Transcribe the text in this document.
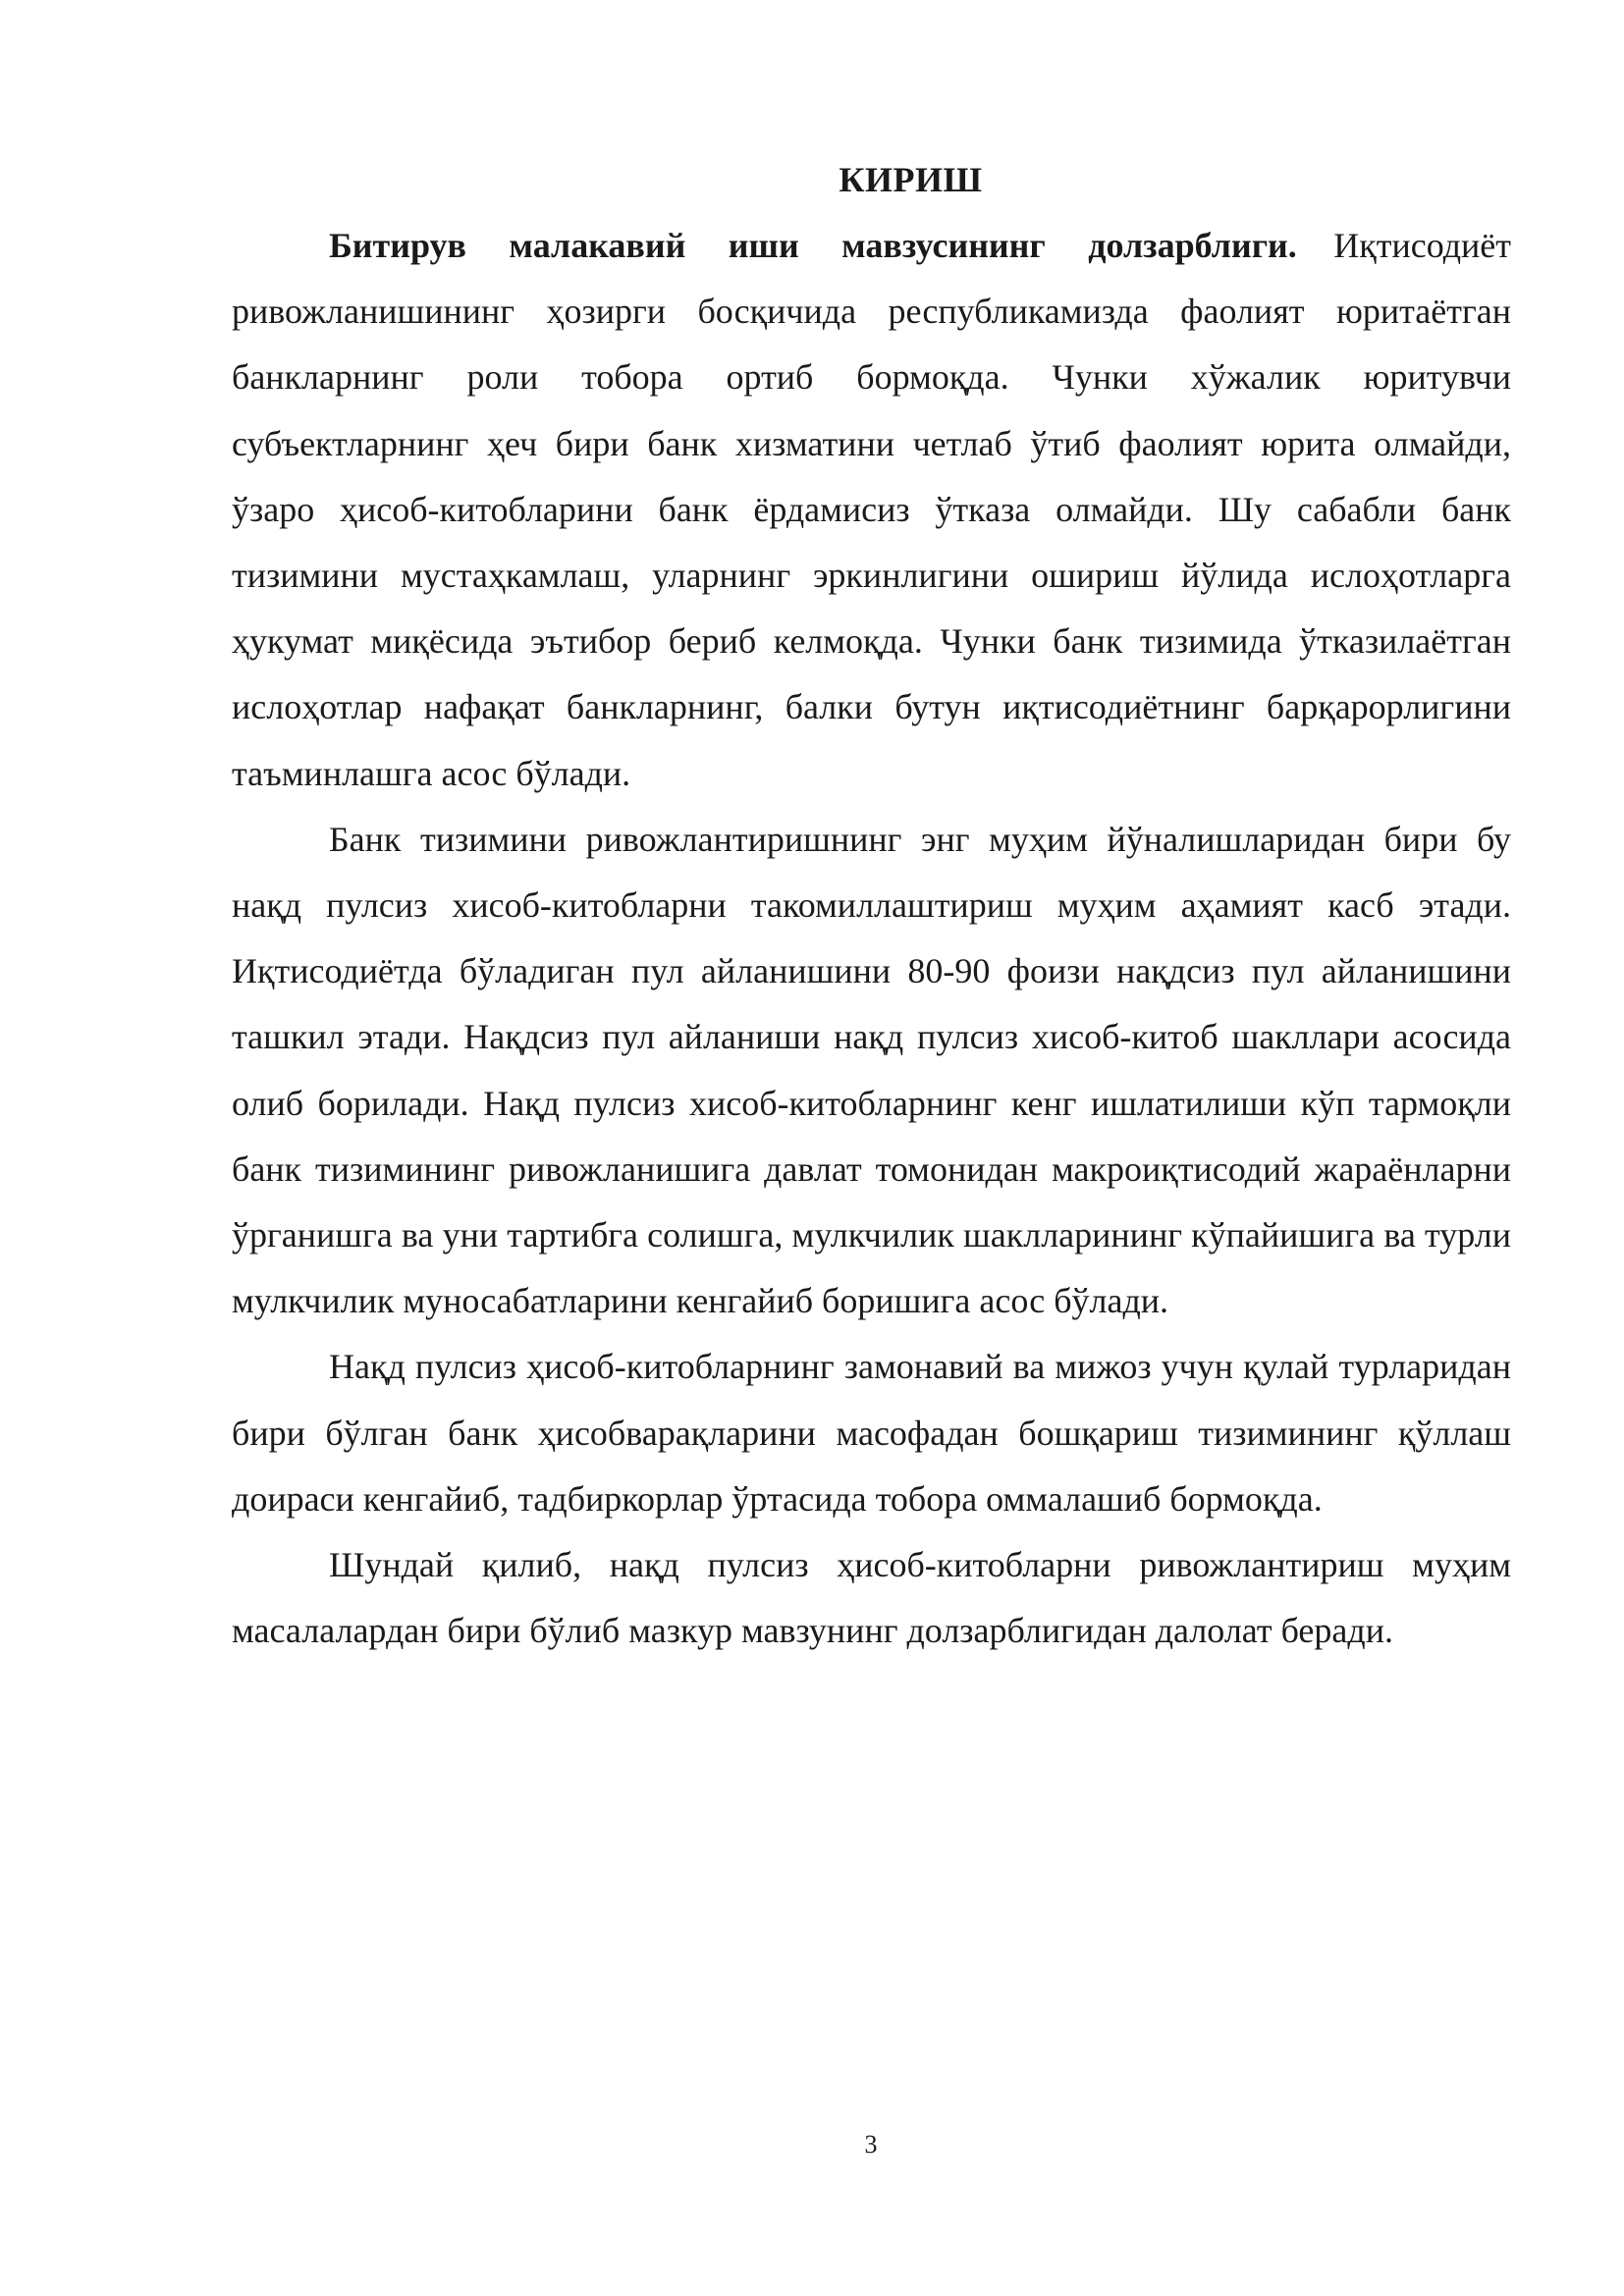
КИРИШ

Битирув малакавий иши мавзусининг долзарблиги. Иқтисодиёт ривожланишининг ҳозирги босқичида республикамизда фаолият юритаётган банкларнинг роли тобора ортиб бормоқда. Чунки хўжалик юритувчи субъектларнинг ҳеч бири банк хизматини четлаб ўтиб фаолият юрита олмайди, ўзаро ҳисоб-китобларини банк ёрдамисиз ўтказа олмайди. Шу сабабли банк тизимини мустаҳкамлаш, уларнинг эркинлигини ошириш йўлида ислоҳотларга ҳукумат миқёсида эътибор бериб келмоқда. Чунки банк тизимида ўтказилаётган ислоҳотлар нафақат банкларнинг, балки бутун иқтисодиётнинг барқарорлигини таъминлашга асос бўлади.

Банк тизимини ривожлантиришнинг энг муҳим йўналишларидан бири бу нақд пулсиз хисоб-китобларни такомиллаштириш муҳим аҳамият касб этади. Иқтисодиётда бўладиган пул айланишини 80-90 фоизи нақдсиз пул айланишини ташкил этади. Нақдсиз пул айланиши нақд пулсиз хисоб-китоб шакллари асосида олиб борилади. Нақд пулсиз хисоб-китобларнинг кенг ишлатилиши кўп тармоқли банк тизимининг ривожланишига давлат томонидан макроиқтисодий жараёнларни ўрганишга ва уни тартибга солишга, мулкчилик шаклларининг кўпайишига ва турли мулкчилик муносабатларини кенгайиб боришига асос бўлади.

Нақд пулсиз ҳисоб-китобларнинг замонавий ва мижоз учун қулай турларидан бири бўлган банк ҳисобварақларини масофадан бошқариш тизимининг қўллаш доираси кенгайиб, тадбиркорлар ўртасида тобора оммалашиб бормоқда.

Шундай қилиб, нақд пулсиз ҳисоб-китобларни ривожлантириш муҳим масалалардан бири бўлиб мазкур мавзунинг долзарблигидан далолат беради.

3
